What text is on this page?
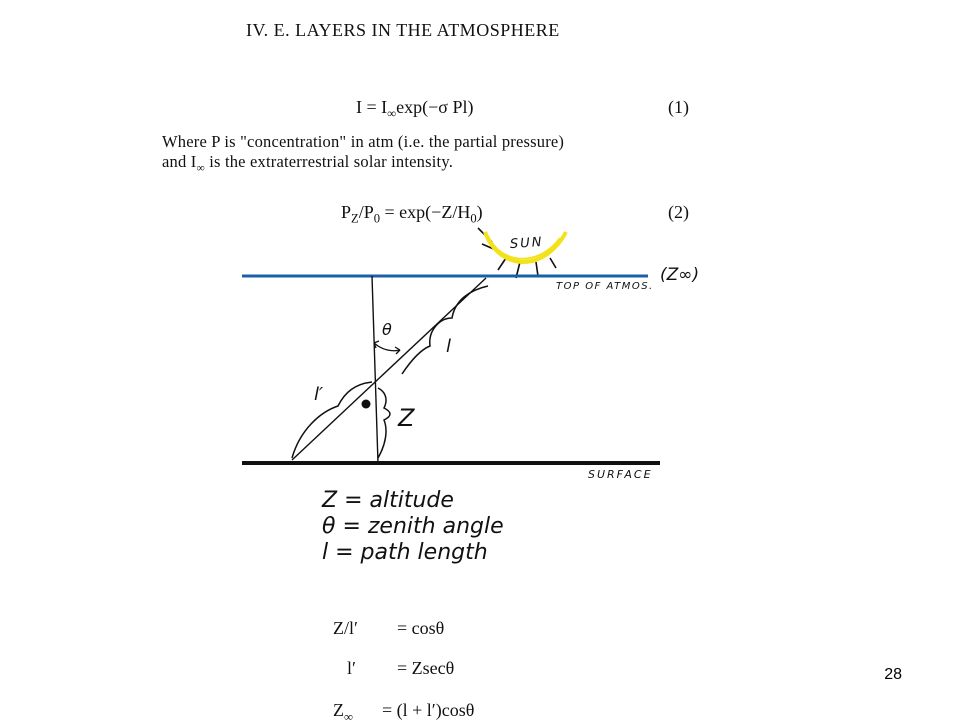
IV. E. LAYERS IN THE ATMOSPHERE
$I = I_\infty\exp(-\sigma$ Pl)	(1)
Where P is "concentration" in atm (i.e. the partial pressure)
and $I_\infty$ is the extraterrestrial solar intensity.
$P_Z/P_0 = \exp(-Z/H_0)$	(2)
SUN
(Z∞)
TOP OF ATMOS.
θ
l
l′
Z
SURFACE
Z = altitude
θ = zenith angle
l = path length
Z/l′ = cosθ
l′ = Zsecθ
$Z_\infty = (l + l')\cos\theta$
28
